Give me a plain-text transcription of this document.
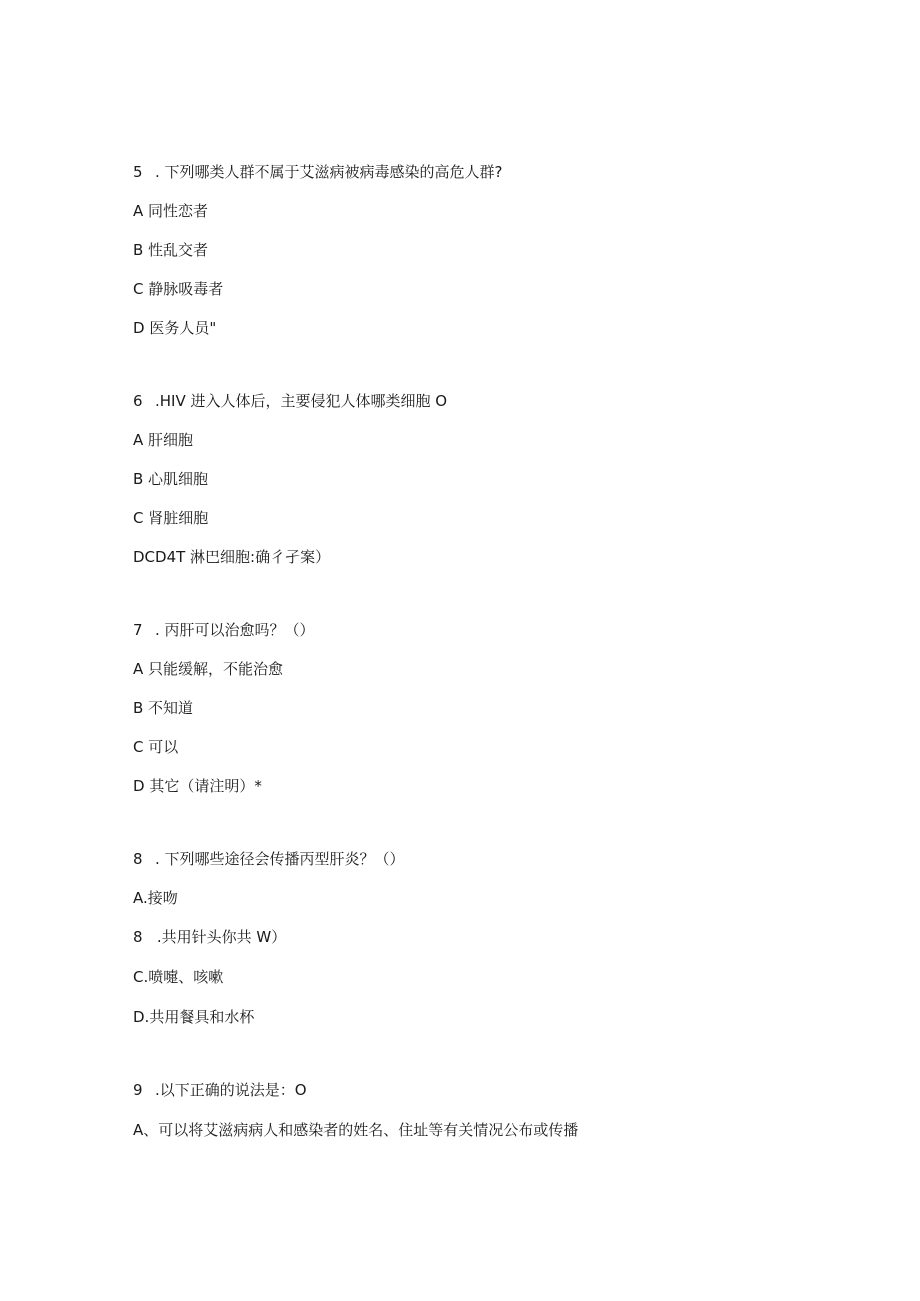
5 . 下列哪类人群不属于艾滋病被病毒感染的高危人群?
A 同性恋者
B 性乱交者
C 静脉吸毒者
D 医务人员"
6 .HIV 进入人体后，主要侵犯人体哪类细胞 O
A 肝细胞
B 心肌细胞
C 肾脏细胞
DCD4T 淋巴细胞:确彳孑案）
7 . 丙肝可以治愈吗？（）
A 只能缓解，不能治愈
B 不知道
C 可以
D 其它（请注明）*
8 . 下列哪些途径会传播丙型肝炎？（）
A.接吻
8   .共用针头你共 W）
C.喷嚏、咳嗽
D.共用餐具和水杯
9 .以下正确的说法是：O
A、可以将艾滋病病人和感染者的姓名、住址等有关情况公布或传播
